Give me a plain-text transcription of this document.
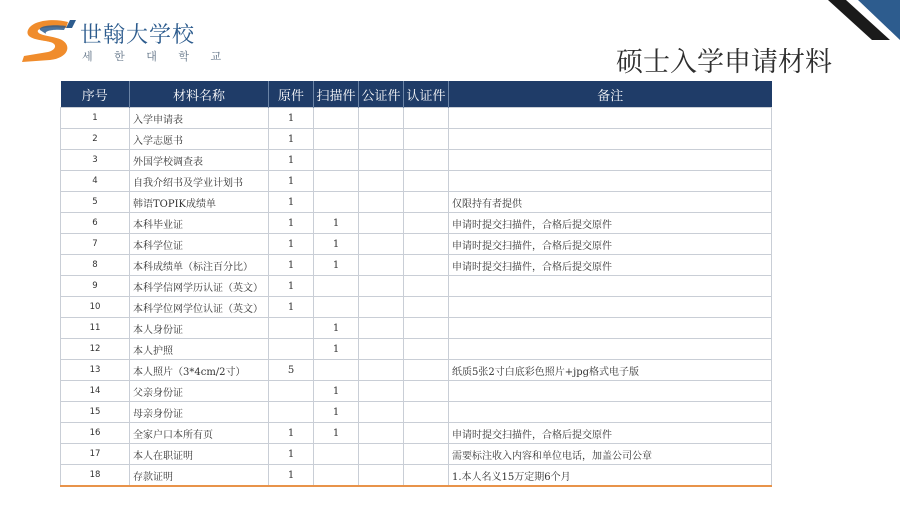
世翰大学校
세 한 대 학 교	硕士入学申请材料
序号	材料名称	原件	扫描件	公证件	认证件	备注
1	入学申请表	1				
2	入学志愿书	1				
3	外国学校调查表	1				
4	自我介绍书及学业计划书	1				
5	韩语TOPIK成绩单	1				仅限持有者提供
6	本科毕业证	1	1			申请时提交扫描件，合格后提交原件
7	本科学位证	1	1			申请时提交扫描件，合格后提交原件
8	本科成绩单（标注百分比）	1	1			申请时提交扫描件，合格后提交原件
9	本科学信网学历认证（英文）	1				
10	本科学位网学位认证（英文）	1				
11	本人身份证		1			
12	本人护照		1			
13	本人照片（3*4cm/2寸）	5				纸质5张2寸白底彩色照片+jpg格式电子版
14	父亲身份证		1			
15	母亲身份证		1			
16	全家户口本所有页	1	1			申请时提交扫描件，合格后提交原件
17	本人在职证明	1				需要标注收入内容和单位电话，加盖公司公章
18	存款证明	1				1.本人名义15万定期6个月
